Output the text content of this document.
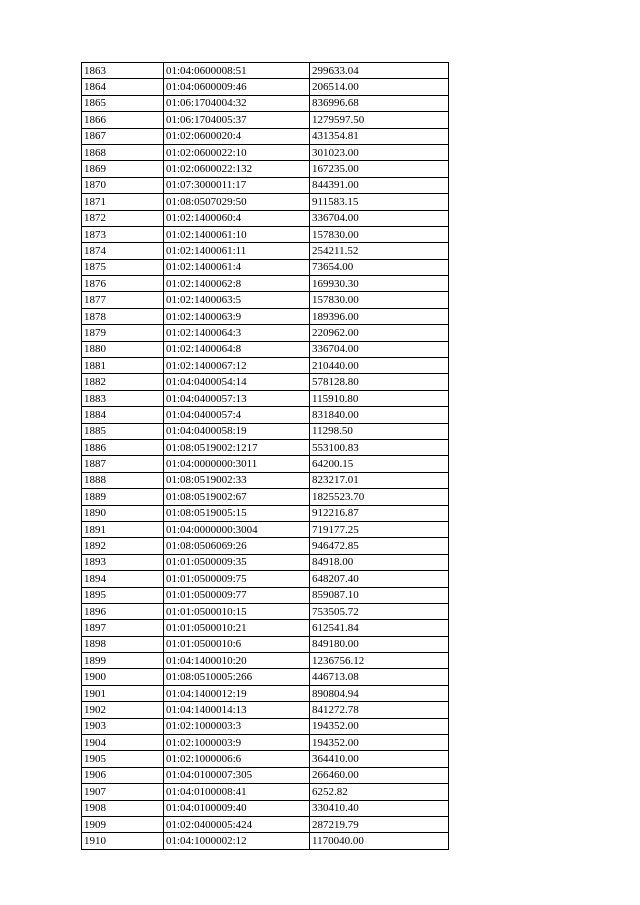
1863	01:04:0600008:51	299633.04
1864	01:04:0600009:46	206514.00
1865	01:06:1704004:32	836996.68
1866	01:06:1704005:37	1279597.50
1867	01:02:0600020:4	431354.81
1868	01:02:0600022:10	301023.00
1869	01:02:0600022:132	167235.00
1870	01:07:3000011:17	844391.00
1871	01:08:0507029:50	911583.15
1872	01:02:1400060:4	336704.00
1873	01:02:1400061:10	157830.00
1874	01:02:1400061:11	254211.52
1875	01:02:1400061:4	73654.00
1876	01:02:1400062:8	169930.30
1877	01:02:1400063:5	157830.00
1878	01:02:1400063:9	189396.00
1879	01:02:1400064:3	220962.00
1880	01:02:1400064:8	336704.00
1881	01:02:1400067:12	210440.00
1882	01:04:0400054:14	578128.80
1883	01:04:0400057:13	115910.80
1884	01:04:0400057:4	831840.00
1885	01:04:0400058:19	11298.50
1886	01:08:0519002:1217	553100.83
1887	01:04:0000000:3011	64200.15
1888	01:08:0519002:33	823217.01
1889	01:08:0519002:67	1825523.70
1890	01:08:0519005:15	912216.87
1891	01:04:0000000:3004	719177.25
1892	01:08:0506069:26	946472.85
1893	01:01:0500009:35	84918.00
1894	01:01:0500009:75	648207.40
1895	01:01:0500009:77	859087.10
1896	01:01:0500010:15	753505.72
1897	01:01:0500010:21	612541.84
1898	01:01:0500010:6	849180.00
1899	01:04:1400010:20	1236756.12
1900	01:08:0510005:266	446713.08
1901	01:04:1400012:19	890804.94
1902	01:04:1400014:13	841272.78
1903	01:02:1000003:3	194352.00
1904	01:02:1000003:9	194352.00
1905	01:02:1000006:6	364410.00
1906	01:04:0100007:305	266460.00
1907	01:04:0100008:41	6252.82
1908	01:04:0100009:40	330410.40
1909	01:02:0400005:424	287219.79
1910	01:04:1000002:12	1170040.00
